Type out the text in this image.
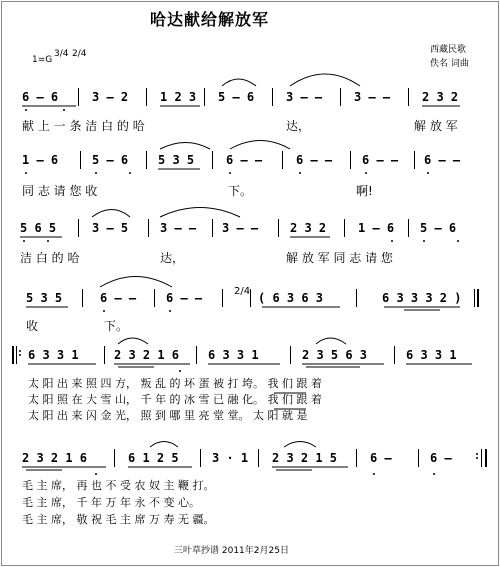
哈达献给解放军
1=G
3/4 2/4	西藏民歌
佚名 词曲
6 – 6	3 – 2	1 2 3 5 – 6	3 – –	3 – –	2 3 2
献 上 一 条 洁 白 的 哈	达，	解 放 军
1 – 6	5 – 6 5 3 5	6 – –	6 – – 6 – – 6 – –
同 志 请 您 收	下。	啊!
5 6 5	3 – 5	3 – – 3 – –	2 3 2	1 – 6 5 – 6
洁 白 的 哈	达，	解 放 军 同 志 请 您
5 3 5	6 – – 6 – –	2/4 ( 6 3 6 3	6 3 3 3 2 )
收	下。
6 3 3 1	2 3 2 1 6 6 3 3 1	2 3 5 6 3	6 3 3 1
太 阳 出 来 照 四 方， 叛 乱 的 坏 蛋 被 打 垮。 我 们 跟 着
太 阳 照 在 大 雪 山， 千 年 的 冰 雪 已 融 化。 我 们 跟 着
太 阳 出 来 闪 金 光， 照 到 哪 里 亮 堂 堂。 太 阳 就 是
2 3 2 1 6	6 1 2 5	3 · 1 2 3 2 1 5	6 –	6 –
毛 主 席， 再 也 不 受 农 奴 主 鞭 打。
毛 主 席， 千 年 万 年 永 不 变 心。
毛 主 席， 敬 祝 毛 主 席 万 寿 无 疆。
三叶草抄谱 2011年2月25日
